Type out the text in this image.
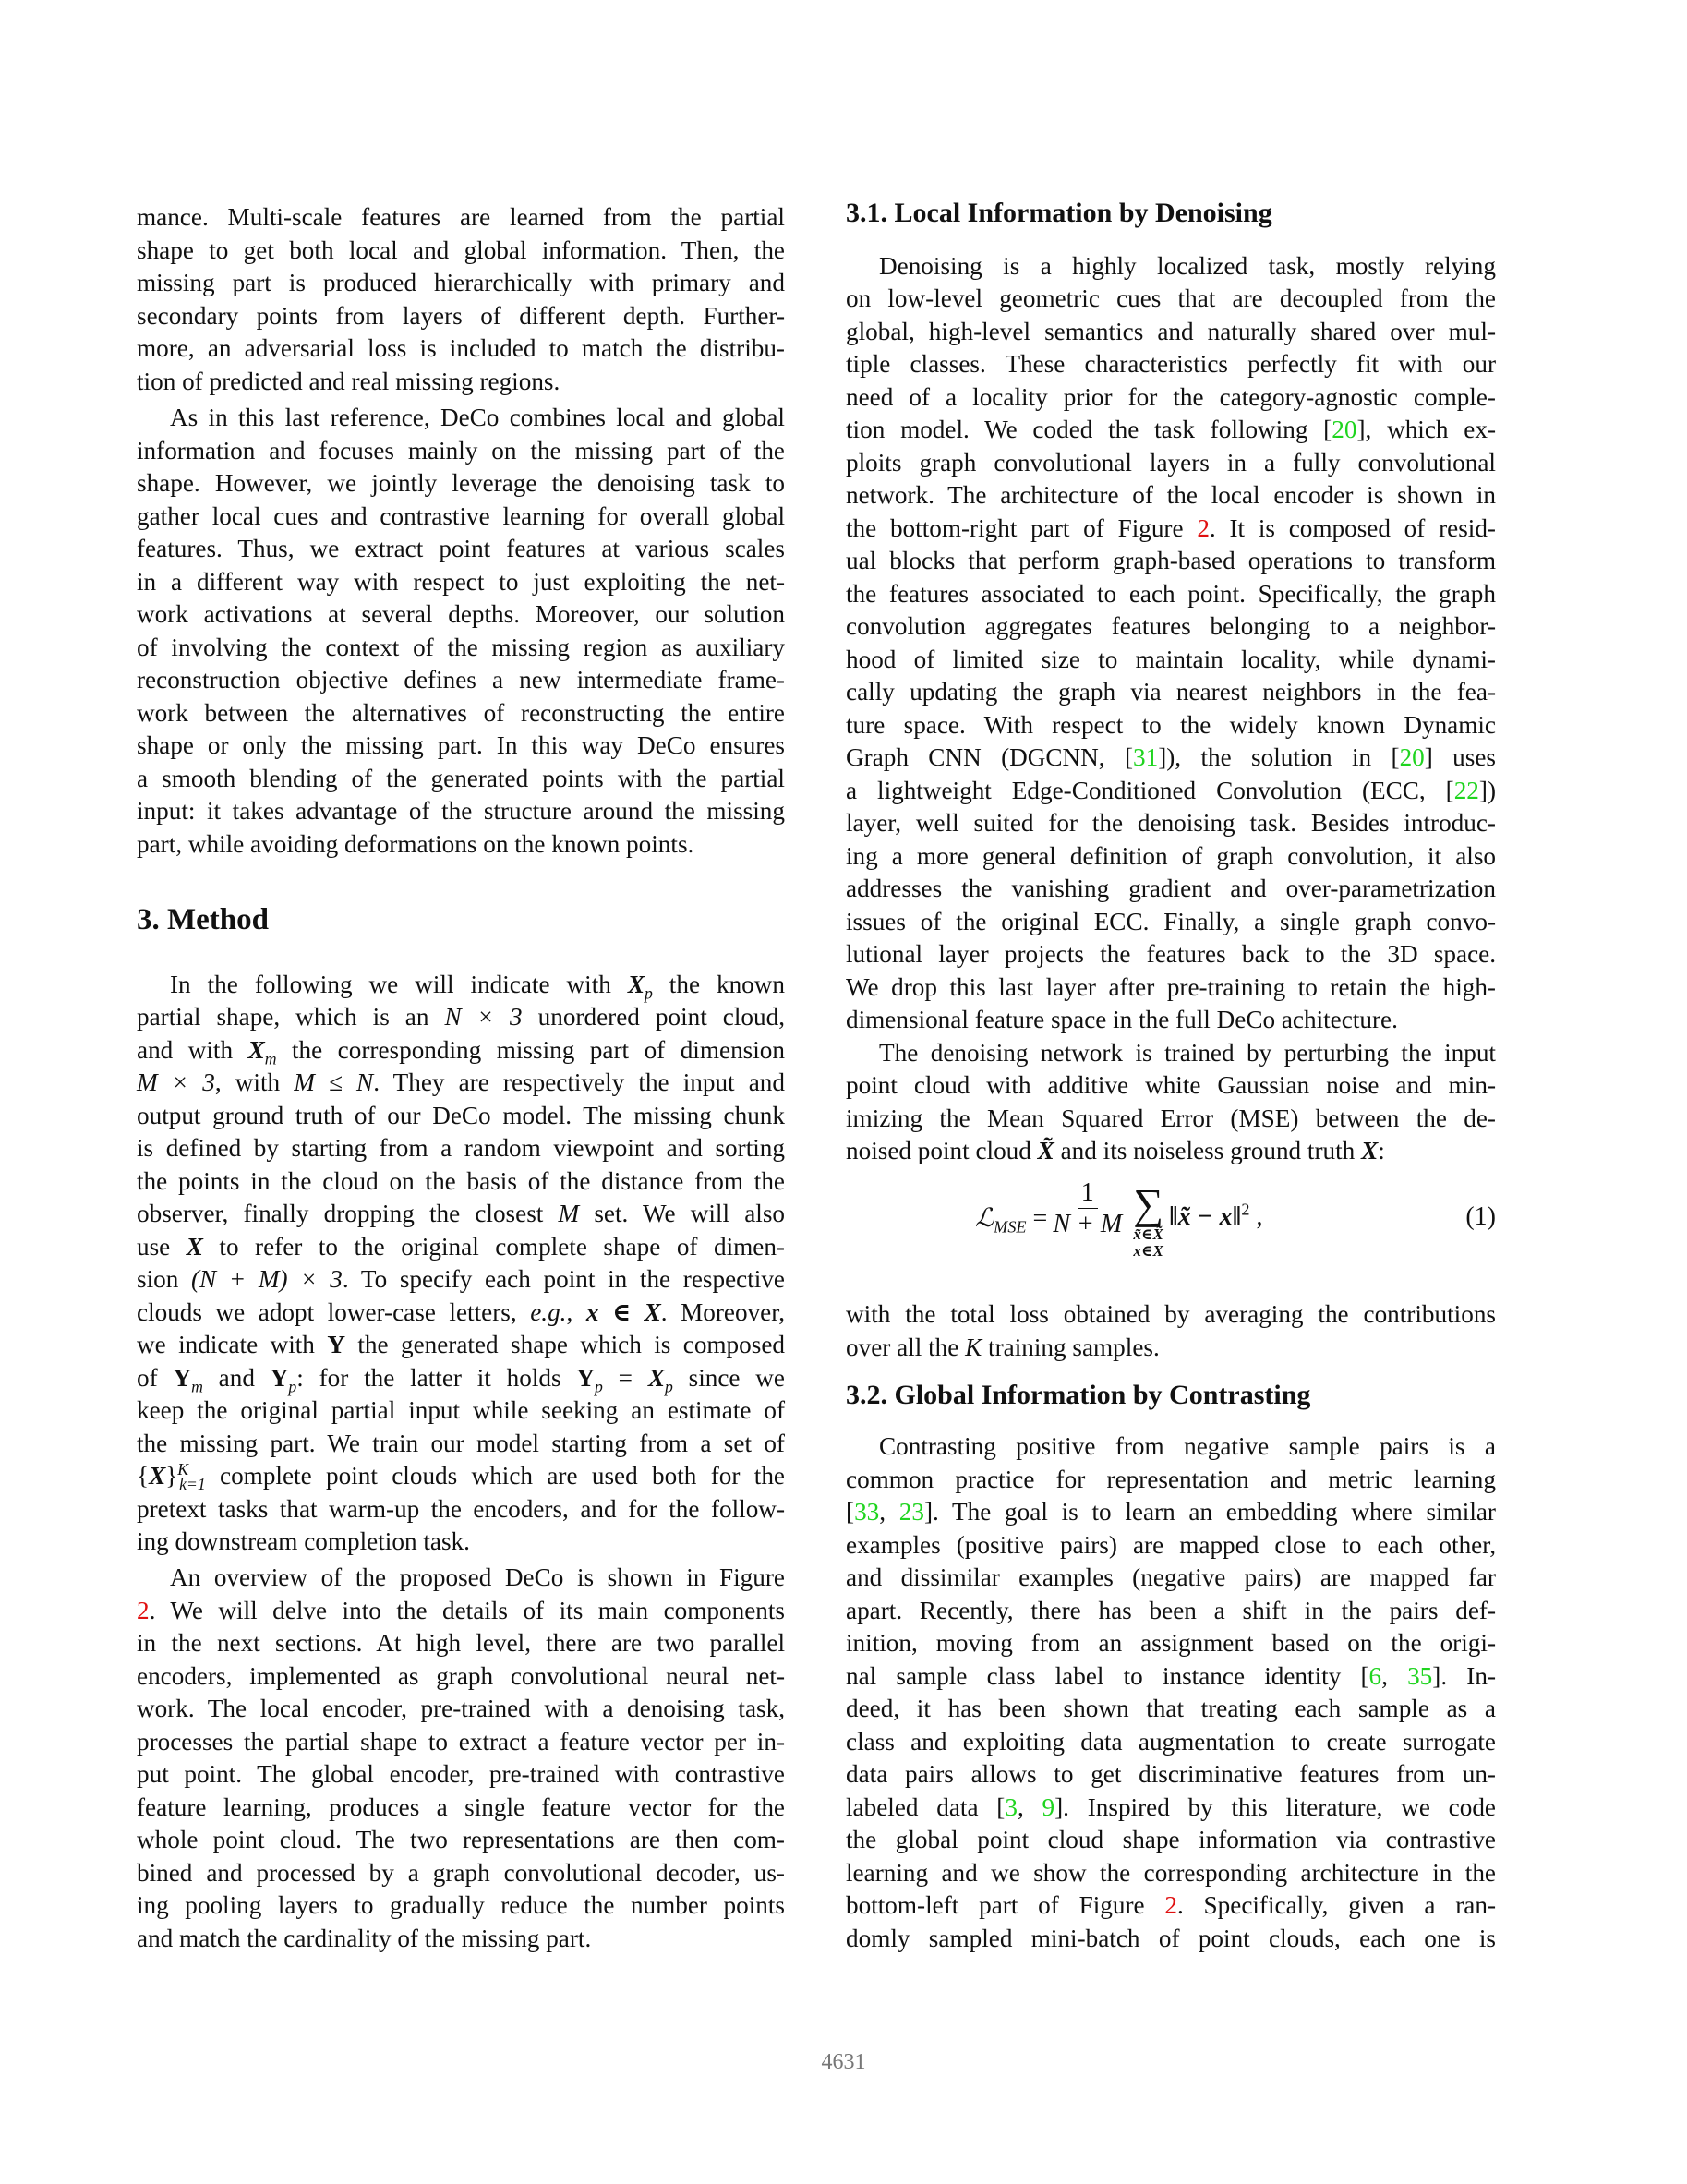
mance. Multi-scale features are learned from the partial
shape to get both local and global information. Then, the
missing part is produced hierarchically with primary and
secondary points from layers of different depth. Further-
more, an adversarial loss is included to match the distribu-
tion of predicted and real missing regions.
As in this last reference, DeCo combines local and global
information and focuses mainly on the missing part of the
shape. However, we jointly leverage the denoising task to
gather local cues and contrastive learning for overall global
features. Thus, we extract point features at various scales
in a different way with respect to just exploiting the net-
work activations at several depths. Moreover, our solution
of involving the context of the missing region as auxiliary
reconstruction objective defines a new intermediate frame-
work between the alternatives of reconstructing the entire
shape or only the missing part. In this way DeCo ensures
a smooth blending of the generated points with the partial
input: it takes advantage of the structure around the missing
part, while avoiding deformations on the known points.
3. Method
In the following we will indicate with $X_p$ the known
partial shape, which is an N × 3 unordered point cloud,
and with $X_m$ the corresponding missing part of dimension
M × 3, with M ≤ N. They are respectively the input and
output ground truth of our DeCo model. The missing chunk
is defined by starting from a random viewpoint and sorting
the points in the cloud on the basis of the distance from the
observer, finally dropping the closest M set. We will also
use X to refer to the original complete shape of dimen-
sion (N + M) × 3. To specify each point in the respective
clouds we adopt lower-case letters, e.g., x ∈ X. Moreover,
we indicate with Y the generated shape which is composed
of $Y_m$ and $Y_p$: for the latter it holds $Y_p = X_p$ since we
keep the original partial input while seeking an estimate of
the missing part. We train our model starting from a set of
$\{X\}^K_{k=1}$ complete point clouds which are used both for the
pretext tasks that warm-up the encoders, and for the follow-
ing downstream completion task.
An overview of the proposed DeCo is shown in Figure
2. We will delve into the details of its main components
in the next sections. At high level, there are two parallel
encoders, implemented as graph convolutional neural net-
work. The local encoder, pre-trained with a denoising task,
processes the partial shape to extract a feature vector per in-
put point. The global encoder, pre-trained with contrastive
feature learning, produces a single feature vector for the
whole point cloud. The two representations are then com-
bined and processed by a graph convolutional decoder, us-
ing pooling layers to gradually reduce the number points
and match the cardinality of the missing part.
3.1. Local Information by Denoising
Denoising is a highly localized task, mostly relying
on low-level geometric cues that are decoupled from the
global, high-level semantics and naturally shared over mul-
tiple classes. These characteristics perfectly fit with our
need of a locality prior for the category-agnostic comple-
tion model. We coded the task following [20], which ex-
ploits graph convolutional layers in a fully convolutional
network. The architecture of the local encoder is shown in
the bottom-right part of Figure 2. It is composed of resid-
ual blocks that perform graph-based operations to transform
the features associated to each point. Specifically, the graph
convolution aggregates features belonging to a neighbor-
hood of limited size to maintain locality, while dynami-
cally updating the graph via nearest neighbors in the fea-
ture space. With respect to the widely known Dynamic
Graph CNN (DGCNN, [31]), the solution in [20] uses
a lightweight Edge-Conditioned Convolution (ECC, [22])
layer, well suited for the denoising task. Besides introduc-
ing a more general definition of graph convolution, it also
addresses the vanishing gradient and over-parametrization
issues of the original ECC. Finally, a single graph convo-
lutional layer projects the features back to the 3D space.
We drop this last layer after pre-training to retain the high-
dimensional feature space in the full DeCo achitecture.
The denoising network is trained by perturbing the input
point cloud with additive white Gaussian noise and min-
imizing the Mean Squared Error (MSE) between the de-
noised point cloud X̃ and its noiseless ground truth X:
ℒ$_{MSE}$ = $\frac{1}{N + M}$ ∑
x̃∈X̃
x∈X
‖x̃ − x‖$^2$ ,	(1)
with the total loss obtained by averaging the contributions
over all the K training samples.
3.2. Global Information by Contrasting
Contrasting positive from negative sample pairs is a
common practice for representation and metric learning
[33, 23]. The goal is to learn an embedding where similar
examples (positive pairs) are mapped close to each other,
and dissimilar examples (negative pairs) are mapped far
apart. Recently, there has been a shift in the pairs def-
inition, moving from an assignment based on the origi-
nal sample class label to instance identity [6, 35]. In-
deed, it has been shown that treating each sample as a
class and exploiting data augmentation to create surrogate
data pairs allows to get discriminative features from un-
labeled data [3, 9]. Inspired by this literature, we code
the global point cloud shape information via contrastive
learning and we show the corresponding architecture in the
bottom-left part of Figure 2. Specifically, given a ran-
domly sampled mini-batch of point clouds, each one is
4631
